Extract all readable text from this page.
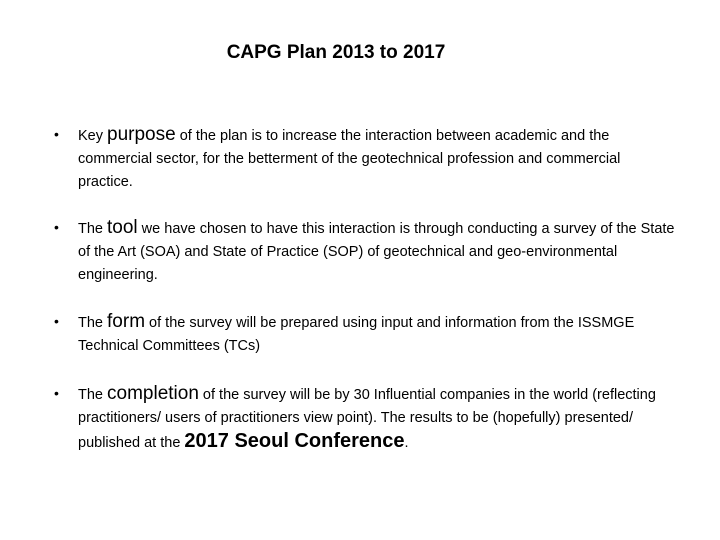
CAPG Plan 2013 to 2017
• Key purpose of the plan is to increase the interaction between academic and the commercial sector, for the betterment of the geotechnical profession and commercial practice.
• The tool we have chosen to have this interaction is through conducting a survey of the State of the Art (SOA) and State of Practice (SOP) of geotechnical and geo-environmental engineering.
• The form of the survey will be prepared using input and information from the ISSMGE Technical Committees (TCs)
• The completion of the survey will be by 30 Influential companies in the world (reflecting practitioners/ users of practitioners view point). The results to be (hopefully) presented/ published at the 2017 Seoul Conference.
